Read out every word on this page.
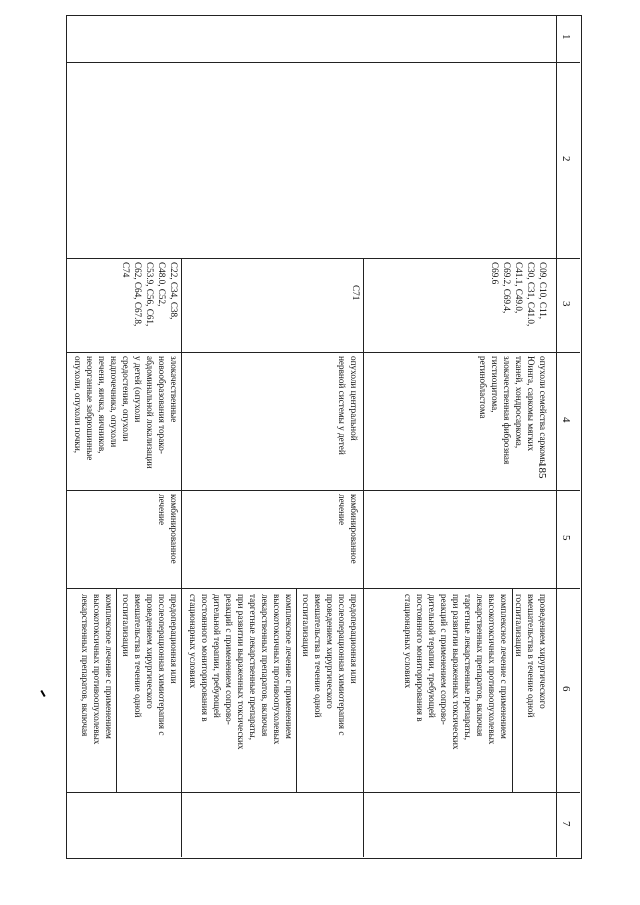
185
1
2
3
4
5
6
7
C09, C10, C11,
C30, C31, C41.0,
C41.1, C49.0,
C69.2, C69.4,
C69.6
опухоли семейства саркомы
Юинга, саркомы мягких
тканей, хондросаркома,
злокачественная фиброзная
гистиоцитома,
ретинобластома
проведением хирургического
вмешательства в течение одной
госпитализации
комплексное лечение с применением
высокотоксичных противоопухолевых
лекарственных препаратов, включая
таргетные лекарственные препараты,
при развитии выраженных токсических
реакций с применением сопрово-
дительной терапии, требующей
постоянного мониторирования в
стационарных условиях
C71
опухоли центральной
нервной системы у детей
комбинированное
лечение
предоперационная или
послеоперационная химиотерапия с
проведением хирургического
вмешательства в течение одной
госпитализации
комплексное лечение с применением
высокотоксичных противоопухолевых
лекарственных препаратов, включая
таргетные лекарственные препараты,
при развитии выраженных токсических
реакций с применением сопрово-
дительной терапии, требующей
постоянного мониторирования в
стационарных условиях
C22, C34, C38,
C48.0, C52,
C53.9, C56, C61,
C62, C64, C67.8,
C74
злокачественные
новообразования торако-
абдоминальной локализации
у детей (опухоли
средостения, опухоли
надпочечника, опухоли
печени, яичка, яичников,
неорганные забрюшинные
опухоли, опухоли почки,
комбинированное
лечение
предоперационная или
послеоперационная химиотерапия с
проведением хирургического
вмешательства в течение одной
госпитализации
комплексное лечение с применением
высокотоксичных противоопухолевых
лекарственных препаратов, включая
